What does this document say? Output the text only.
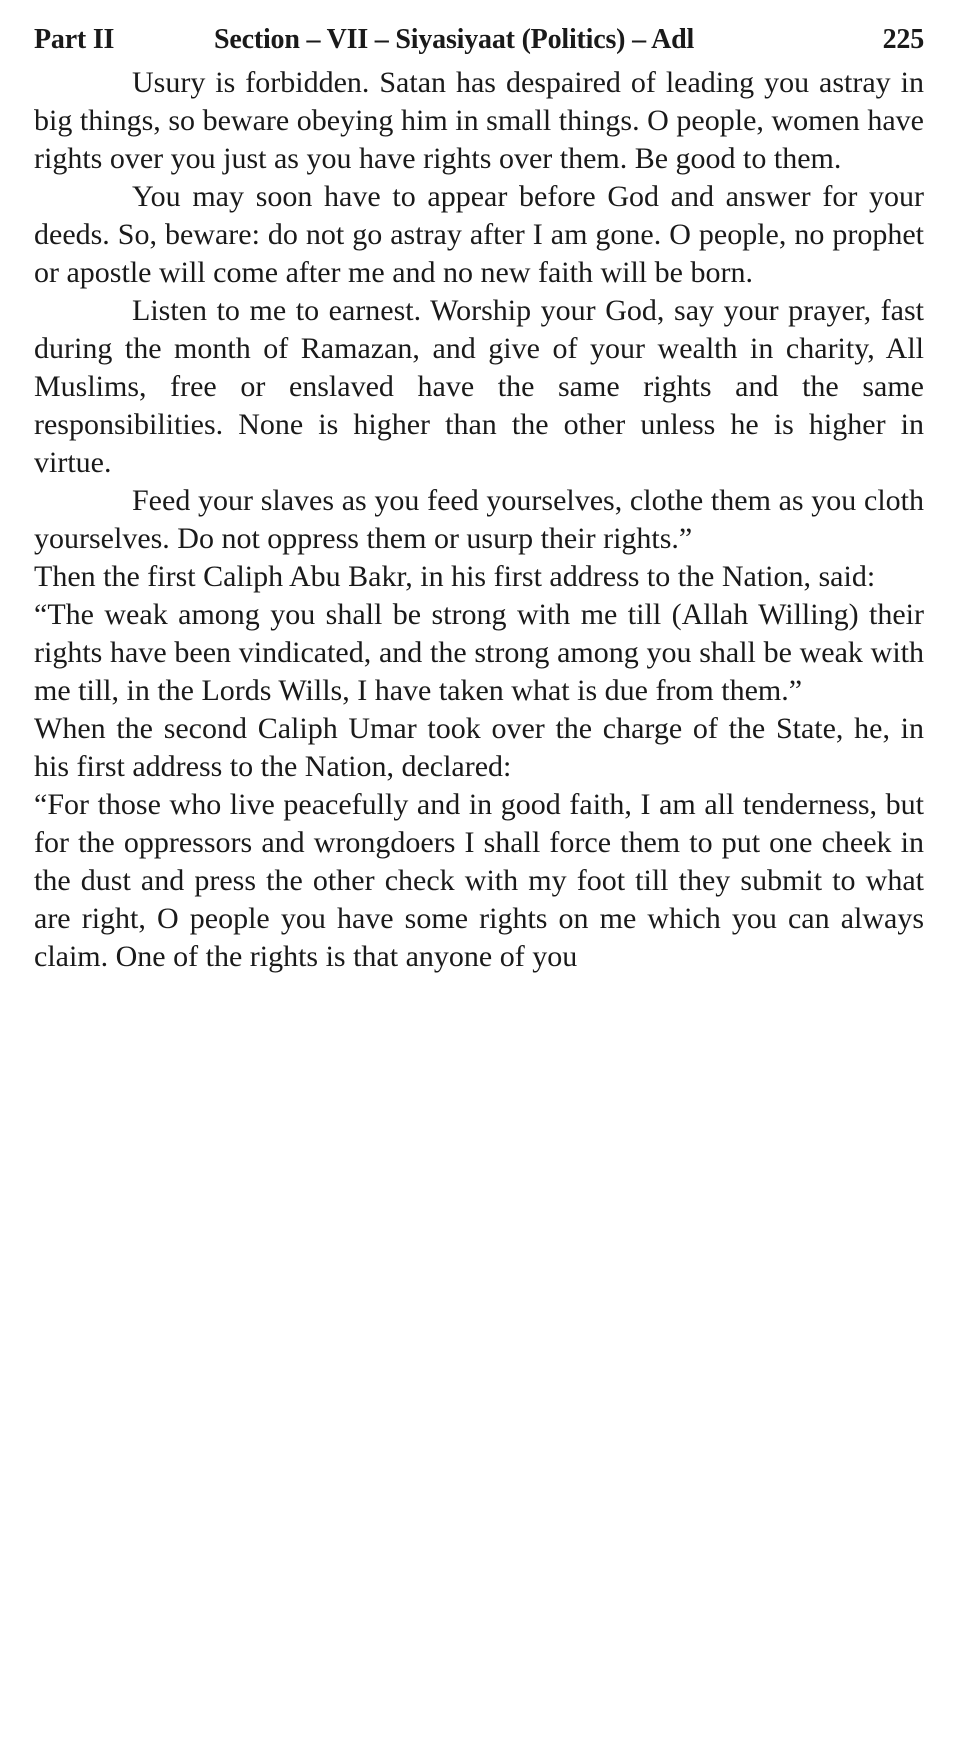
Part II	Section – VII – Siyasiyaat (Politics) – Adl	225

Usury is forbidden. Satan has despaired of leading you astray in big things, so beware obeying him in small things. O people, women have rights over you just as you have rights over them. Be good to them.

You may soon have to appear before God and answer for your deeds. So, beware: do not go astray after I am gone. O people, no prophet or apostle will come after me and no new faith will be born.

Listen to me to earnest. Worship your God, say your prayer, fast during the month of Ramazan, and give of your wealth in charity, All Muslims, free or enslaved have the same rights and the same responsibilities. None is higher than the other unless he is higher in virtue.

Feed your slaves as you feed yourselves, clothe them as you cloth yourselves. Do not oppress them or usurp their rights.”

Then the first Caliph Abu Bakr, in his first address to the Nation, said:

“The weak among you shall be strong with me till (Allah Willing) their rights have been vindicated, and the strong among you shall be weak with me till, in the Lords Wills, I have taken what is due from them.”

When the second Caliph Umar took over the charge of the State, he, in his first address to the Nation, declared:

“For those who live peacefully and in good faith, I am all tenderness, but for the oppressors and wrongdoers I shall force them to put one cheek in the dust and press the other check with my foot till they submit to what are right, O people you have some rights on me which you can always claim. One of the rights is that anyone of you
